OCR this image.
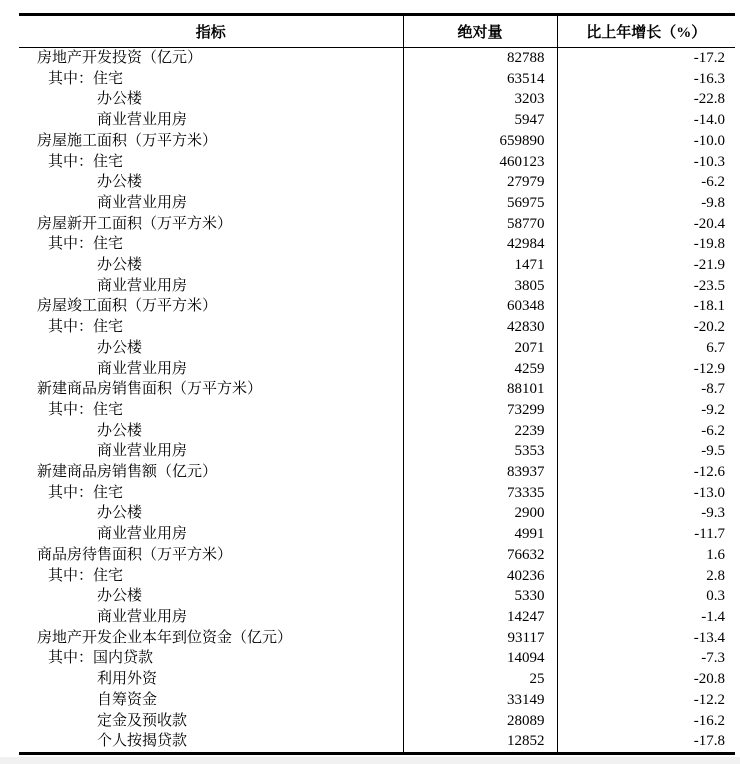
指标	绝对量	比上年增长（%）
房地产开发投资（亿元）	82788	-17.2
其中：住宅	63514	-16.3
办公楼	3203	-22.8
商业营业用房	5947	-14.0
房屋施工面积（万平方米）	659890	-10.0
其中：住宅	460123	-10.3
办公楼	27979	-6.2
商业营业用房	56975	-9.8
房屋新开工面积（万平方米）	58770	-20.4
其中：住宅	42984	-19.8
办公楼	1471	-21.9
商业营业用房	3805	-23.5
房屋竣工面积（万平方米）	60348	-18.1
其中：住宅	42830	-20.2
办公楼	2071	6.7
商业营业用房	4259	-12.9
新建商品房销售面积（万平方米）	88101	-8.7
其中：住宅	73299	-9.2
办公楼	2239	-6.2
商业营业用房	5353	-9.5
新建商品房销售额（亿元）	83937	-12.6
其中：住宅	73335	-13.0
办公楼	2900	-9.3
商业营业用房	4991	-11.7
商品房待售面积（万平方米）	76632	1.6
其中：住宅	40236	2.8
办公楼	5330	0.3
商业营业用房	14247	-1.4
房地产开发企业本年到位资金（亿元）	93117	-13.4
其中：国内贷款	14094	-7.3
利用外资	25	-20.8
自筹资金	33149	-12.2
定金及预收款	28089	-16.2
个人按揭贷款	12852	-17.8
